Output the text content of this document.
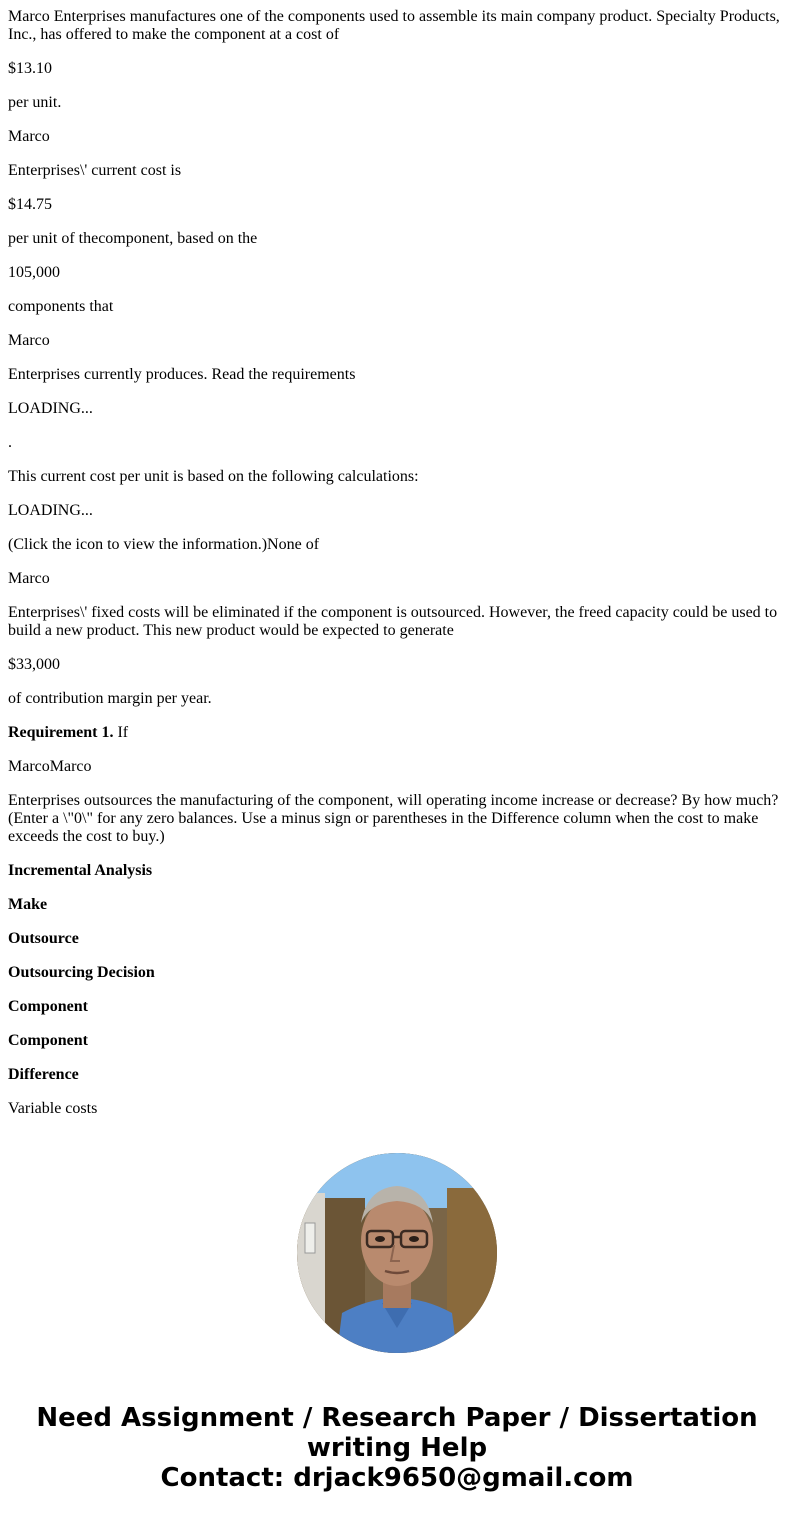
Marco Enterprises manufactures one of the components used to assemble its main company product. Specialty Products, Inc., has offered to make the component at a cost of

$13.10

per unit.

Marco

Enterprises\' current cost is

$14.75

per unit of thecomponent, based on the

105,000

components that

Marco

Enterprises currently produces. Read the requirements

LOADING...

.

This current cost per unit is based on the following calculations:

LOADING...

(Click the icon to view the information.)None of

Marco

Enterprises\' fixed costs will be eliminated if the component is outsourced. However, the freed capacity could be used to build a new product. This new product would be expected to generate

$33,000

of contribution margin per year.

Requirement 1. If

MarcoMarco

Enterprises outsources the manufacturing of the component, will operating income increase or decrease? By how much? (Enter a \"0\" for any zero balances. Use a minus sign or parentheses in the Difference column when the cost to make exceeds the cost to buy.)

Incremental Analysis

Make

Outsource

Outsourcing Decision

Component

Component

Difference

Variable costs

Need Assignment / Research Paper / Dissertation
writing Help
Contact: drjack9650@gmail.com
